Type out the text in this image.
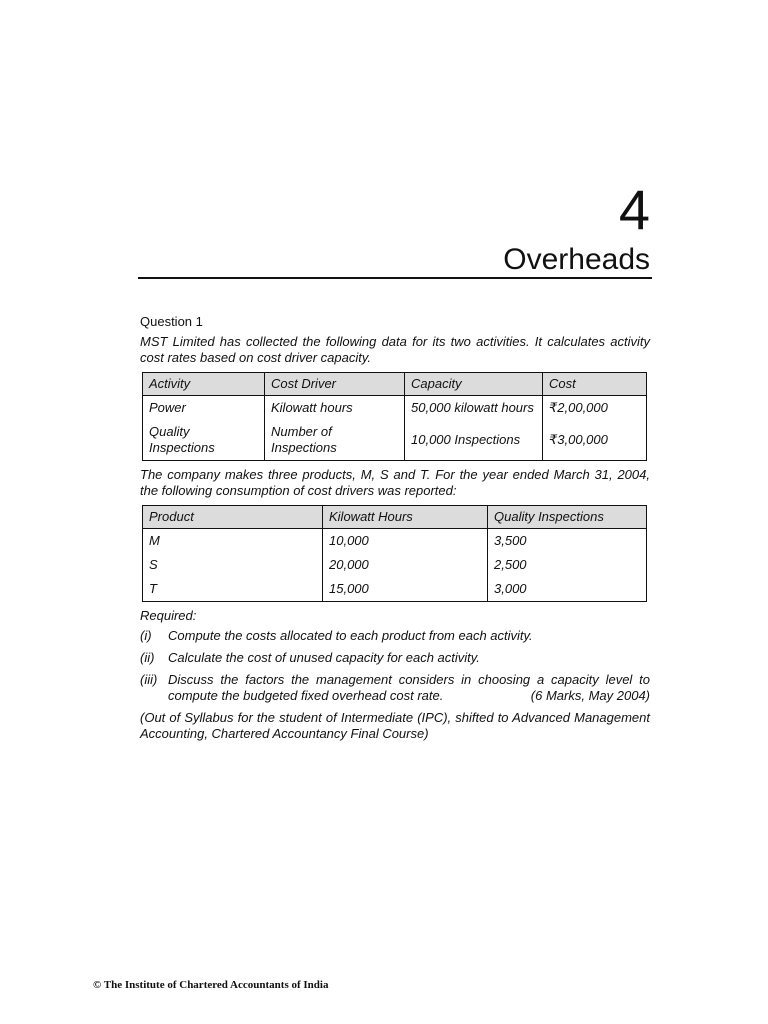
4
Overheads
Question 1
MST Limited has collected the following data for its two activities. It calculates activity cost rates based on cost driver capacity.
Activity	Cost Driver	Capacity	Cost
Power	Kilowatt hours	50,000 kilowatt hours	₹2,00,000
Quality Inspections	Number of Inspections	10,000 Inspections	₹3,00,000
The company makes three products, M, S and T. For the year ended March 31, 2004, the following consumption of cost drivers was reported:
Product	Kilowatt Hours	Quality Inspections
M	10,000	3,500
S	20,000	2,500
T	15,000	3,000
Required:
(i)	Compute the costs allocated to each product from each activity.
(ii)	Calculate the cost of unused capacity for each activity.
(iii) Discuss the factors the management considers in choosing a capacity level to compute the budgeted fixed overhead cost rate.	(6 Marks, May 2004)
(Out of Syllabus for the student of Intermediate (IPC), shifted to Advanced Management Accounting, Chartered Accountancy Final Course)
© The Institute of Chartered Accountants of India
